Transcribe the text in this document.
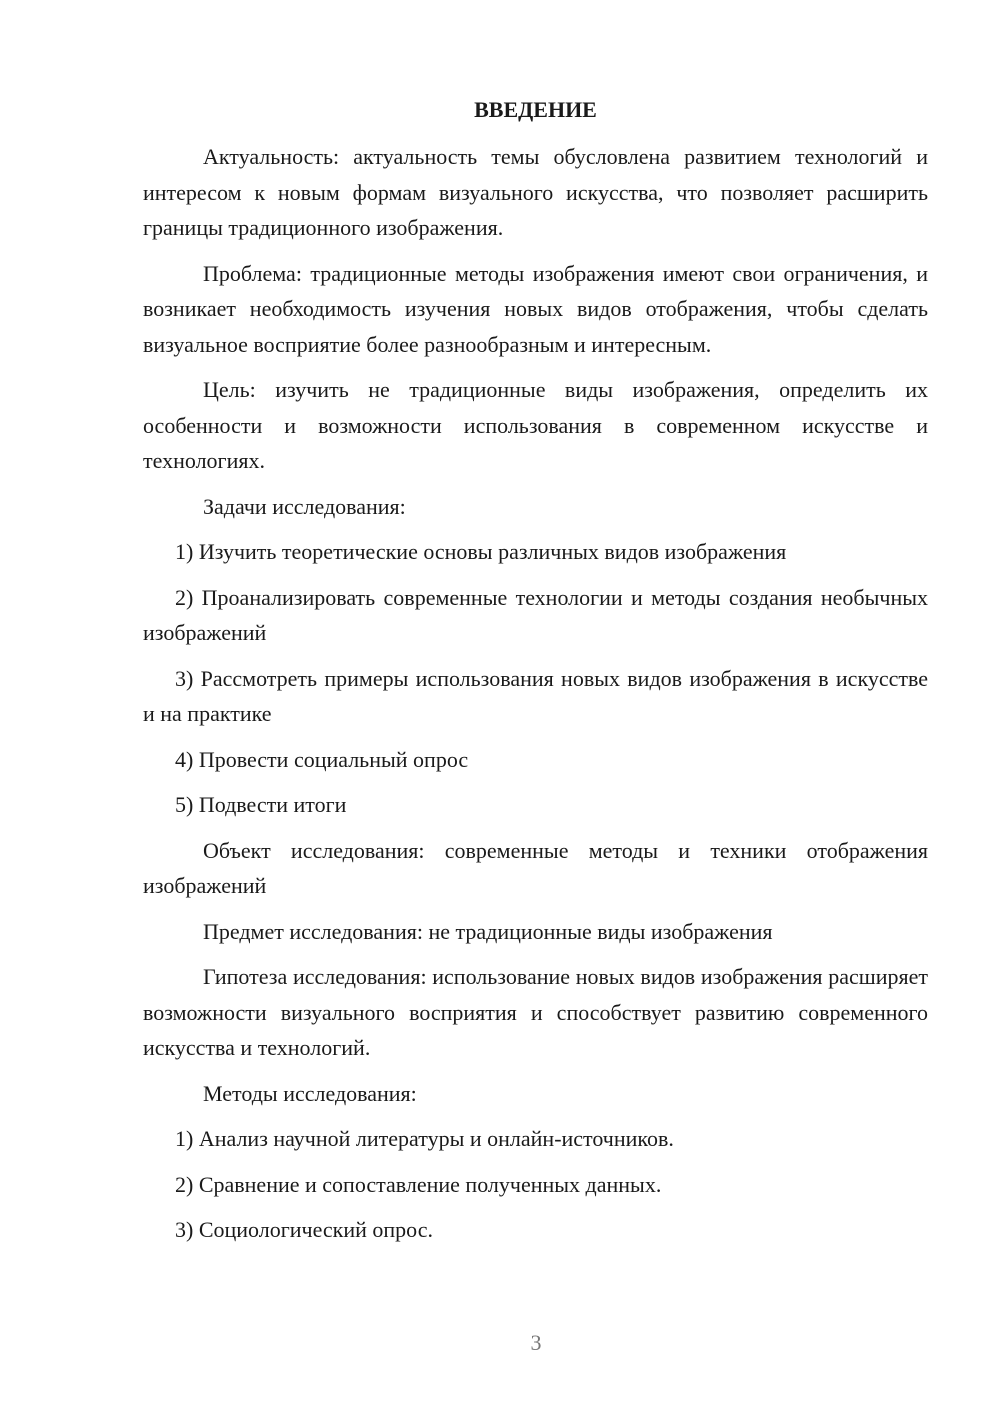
ВВЕДЕНИЕ

Актуальность: актуальность темы обусловлена развитием технологий и интересом к новым формам визуального искусства, что позволяет расширить границы традиционного изображения.

Проблема: традиционные методы изображения имеют свои ограничения, и возникает необходимость изучения новых видов отображения, чтобы сделать визуальное восприятие более разнообразным и интересным.

Цель: изучить не традиционные виды изображения, определить их особенности и возможности использования в современном искусстве и технологиях.

Задачи исследования:

1) Изучить теоретические основы различных видов изображения

2) Проанализировать современные технологии и методы создания необычных изображений

3) Рассмотреть примеры использования новых видов изображения в искусстве и на практике

4) Провести социальный опрос

5) Подвести итоги

Объект исследования: современные методы и техники отображения изображений

Предмет исследования: не традиционные виды изображения

Гипотеза исследования: использование новых видов изображения расширяет возможности визуального восприятия и способствует развитию современного искусства и технологий.

Методы исследования:

1) Анализ научной литературы и онлайн-источников.

2) Сравнение и сопоставление полученных данных.

3) Социологический опрос.

3
